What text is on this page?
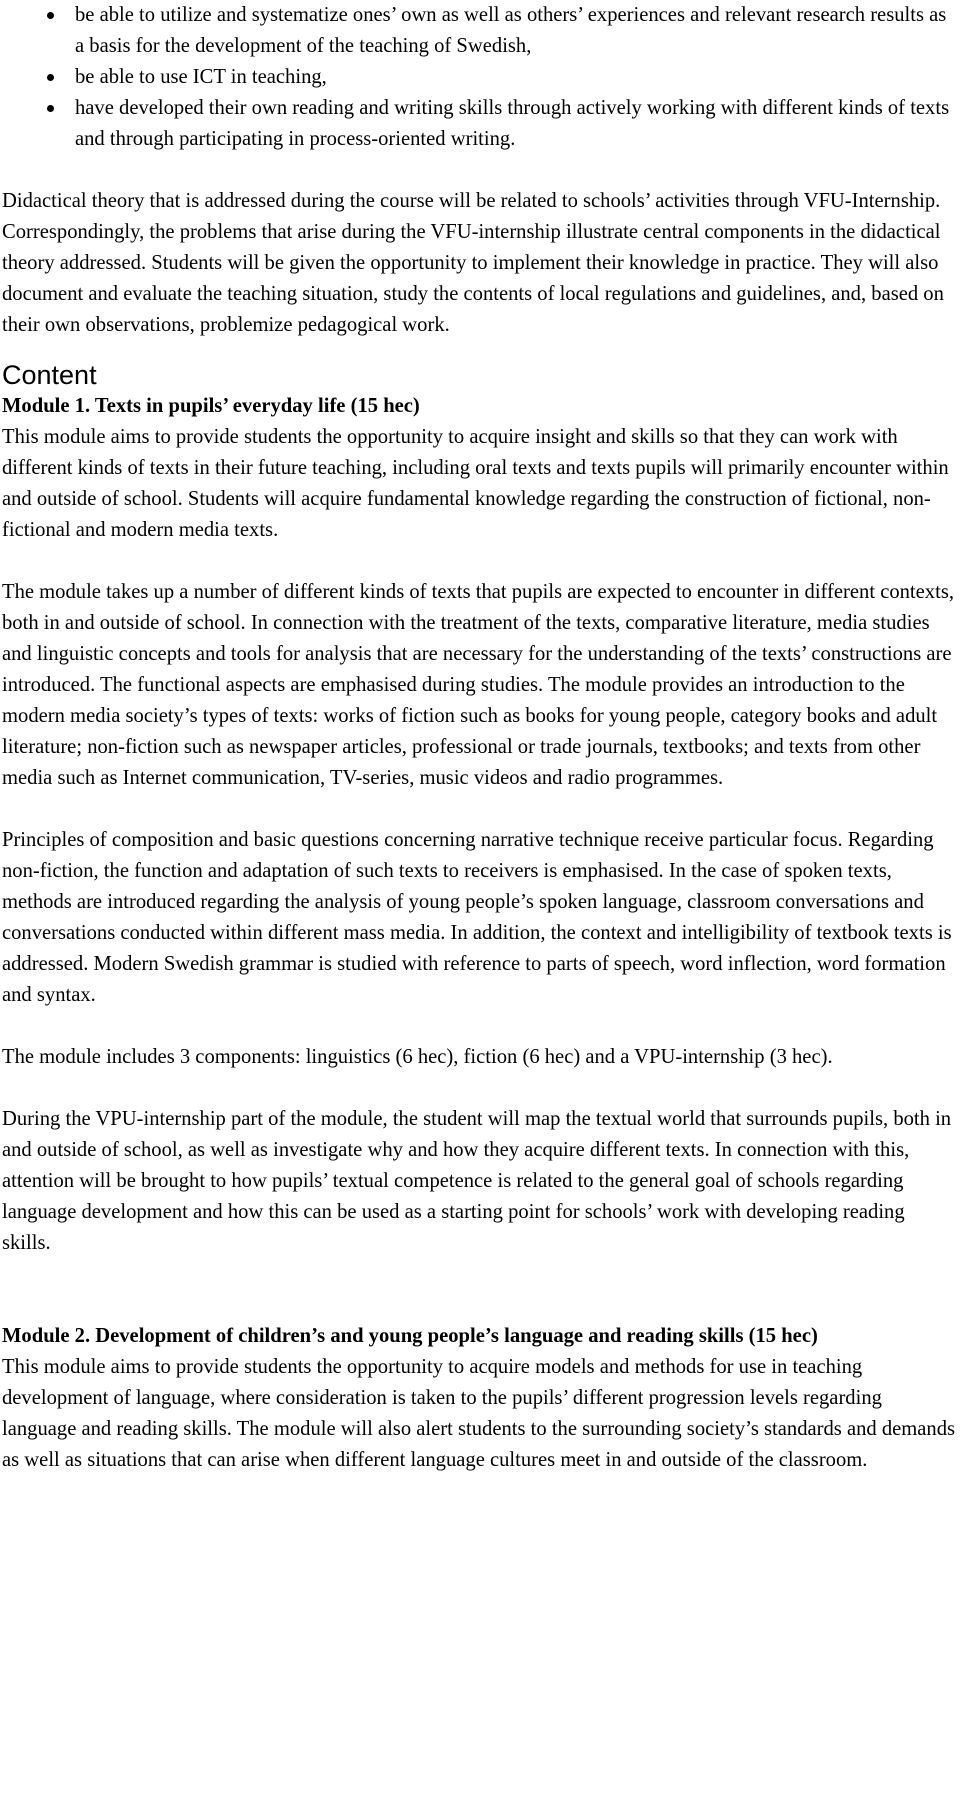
be able to utilize and systematize ones’ own as well as others’ experiences and relevant research results as a basis for the development of the teaching of Swedish,
be able to use ICT in teaching,
have developed their own reading and writing skills through actively working with different kinds of texts and through participating in process-oriented writing.

Didactical theory that is addressed during the course will be related to schools’ activities through VFU-Internship. Correspondingly, the problems that arise during the VFU-internship illustrate central components in the didactical theory addressed. Students will be given the opportunity to implement their knowledge in practice. They will also document and evaluate the teaching situation, study the contents of local regulations and guidelines, and, based on their own observations, problemize pedagogical work.

Content

Module 1. Texts in pupils’ everyday life (15 hec)

This module aims to provide students the opportunity to acquire insight and skills so that they can work with different kinds of texts in their future teaching, including oral texts and texts pupils will primarily encounter within and outside of school. Students will acquire fundamental knowledge regarding the construction of fictional, non-fictional and modern media texts.

The module takes up a number of different kinds of texts that pupils are expected to encounter in different contexts, both in and outside of school. In connection with the treatment of the texts, comparative literature, media studies and linguistic concepts and tools for analysis that are necessary for the understanding of the texts’ constructions are introduced. The functional aspects are emphasised during studies. The module provides an introduction to the modern media society’s types of texts: works of fiction such as books for young people, category books and adult literature; non-fiction such as newspaper articles, professional or trade journals, textbooks; and texts from other media such as Internet communication, TV-series, music videos and radio programmes.

Principles of composition and basic questions concerning narrative technique receive particular focus. Regarding non-fiction, the function and adaptation of such texts to receivers is emphasised. In the case of spoken texts, methods are introduced regarding the analysis of young people’s spoken language, classroom conversations and conversations conducted within different mass media. In addition, the context and intelligibility of textbook texts is addressed. Modern Swedish grammar is studied with reference to parts of speech, word inflection, word formation and syntax.

The module includes 3 components: linguistics (6 hec), fiction (6 hec) and a VPU-internship (3 hec).

During the VPU-internship part of the module, the student will map the textual world that surrounds pupils, both in and outside of school, as well as investigate why and how they acquire different texts. In connection with this, attention will be brought to how pupils’ textual competence is related to the general goal of schools regarding language development and how this can be used as a starting point for schools’ work with developing reading skills.

Module 2. Development of children’s and young people’s language and reading skills (15 hec)

This module aims to provide students the opportunity to acquire models and methods for use in teaching development of language, where consideration is taken to the pupils’ different progression levels regarding language and reading skills. The module will also alert students to the surrounding society’s standards and demands as well as situations that can arise when different language cultures meet in and outside of the classroom.
